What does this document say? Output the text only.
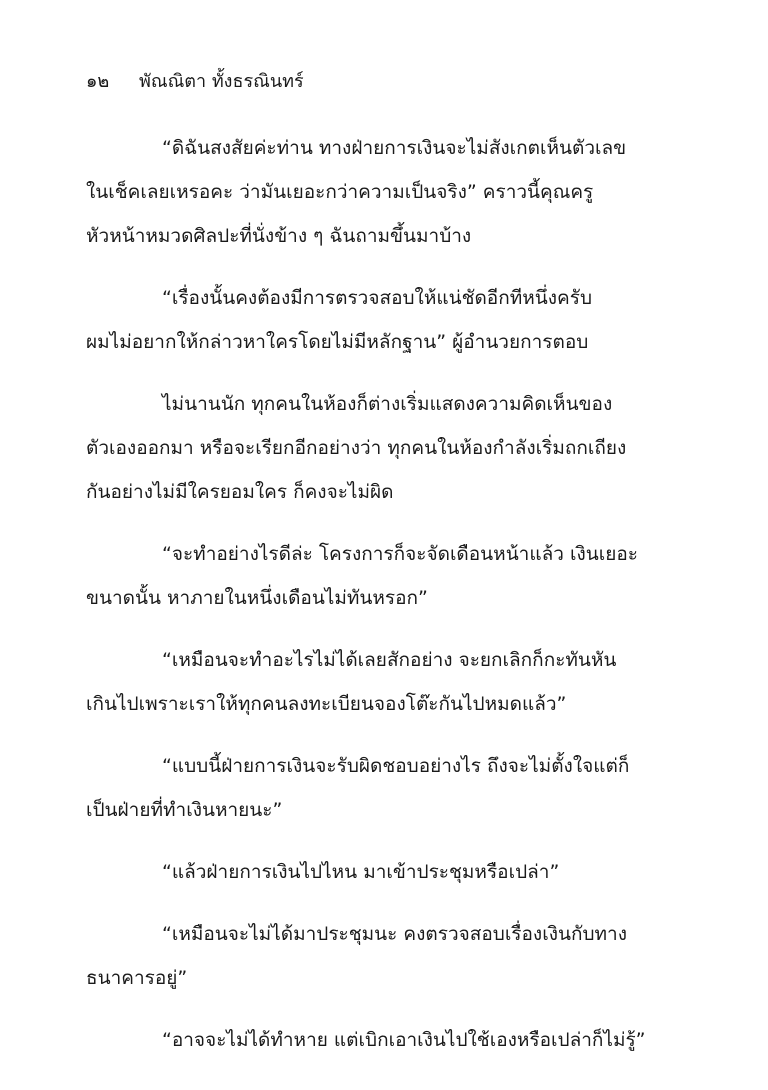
๑๒ พัณณิตา ทั้งธรณินทร์

“ดิฉันสงสัยค่ะท่าน ทางฝ่ายการเงินจะไม่สังเกตเห็นตัวเลข
ในเช็คเลยเหรอคะ ว่ามันเยอะกว่าความเป็นจริง” คราวนี้คุณครู
หัวหน้าหมวดศิลปะที่นั่งข้าง ๆ ฉันถามขึ้นมาบ้าง

“เรื่องนั้นคงต้องมีการตรวจสอบให้แน่ชัดอีกทีหนึ่งครับ
ผมไม่อยากให้กล่าวหาใครโดยไม่มีหลักฐาน” ผู้อำนวยการตอบ

ไม่นานนัก ทุกคนในห้องก็ต่างเริ่มแสดงความคิดเห็นของ
ตัวเองออกมา หรือจะเรียกอีกอย่างว่า ทุกคนในห้องกำลังเริ่มถกเถียง
กันอย่างไม่มีใครยอมใคร ก็คงจะไม่ผิด

“จะทำอย่างไรดีล่ะ โครงการก็จะจัดเดือนหน้าแล้ว เงินเยอะ
ขนาดนั้น หาภายในหนึ่งเดือนไม่ทันหรอก”

“เหมือนจะทำอะไรไม่ได้เลยสักอย่าง จะยกเลิกก็กะทันหัน
เกินไปเพราะเราให้ทุกคนลงทะเบียนจองโต๊ะกันไปหมดแล้ว”

“แบบนี้ฝ่ายการเงินจะรับผิดชอบอย่างไร ถึงจะไม่ตั้งใจแต่ก็
เป็นฝ่ายที่ทำเงินหายนะ”

“แล้วฝ่ายการเงินไปไหน มาเข้าประชุมหรือเปล่า”

“เหมือนจะไม่ได้มาประชุมนะ คงตรวจสอบเรื่องเงินกับทาง
ธนาคารอยู่”

“อาจจะไม่ได้ทำหาย แต่เบิกเอาเงินไปใช้เองหรือเปล่าก็ไม่รู้”
